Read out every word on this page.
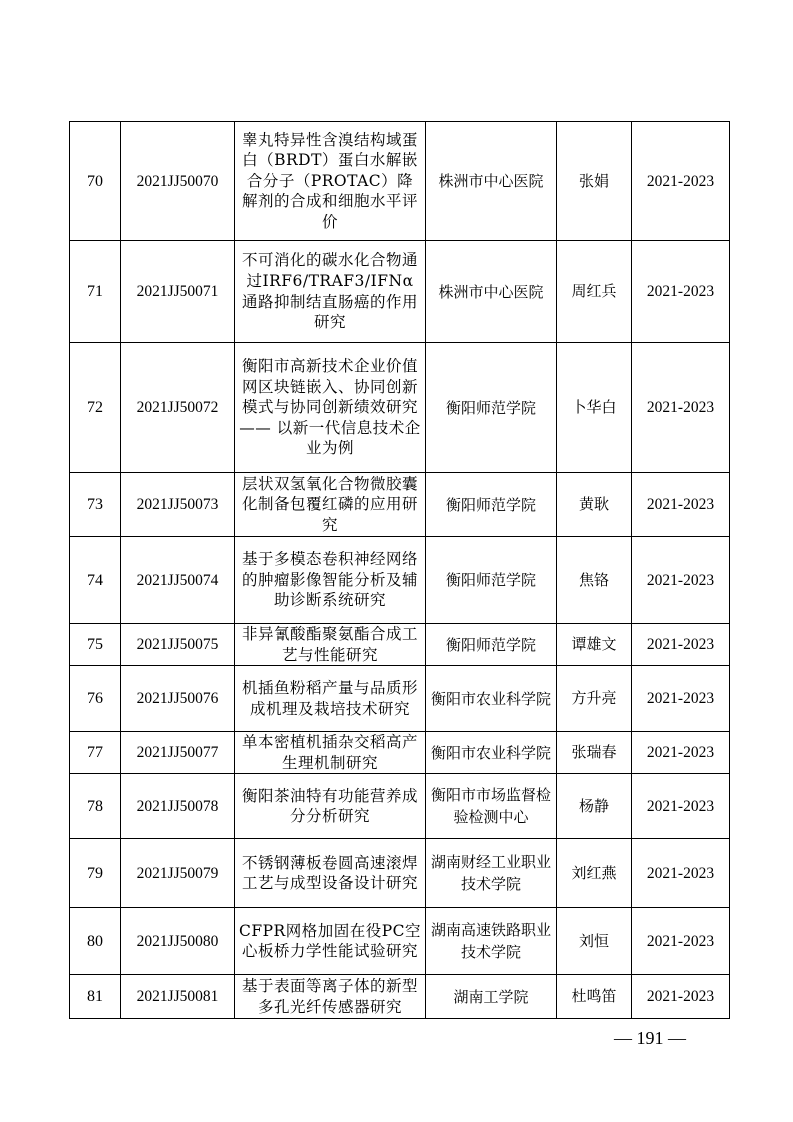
70	2021JJ50070	睾丸特异性含溴结构域蛋白（BRDT）蛋白水解嵌合分子（PROTAC）降解剂的合成和细胞水平评价	株洲市中心医院	张娟	2021-2023
71	2021JJ50071	不可消化的碳水化合物通过IRF6/TRAF3/IFNα通路抑制结直肠癌的作用研究	株洲市中心医院	周红兵	2021-2023
72	2021JJ50072	衡阳市高新技术企业价值网区块链嵌入、协同创新模式与协同创新绩效研究 —— 以新一代信息技术企业为例	衡阳师范学院	卜华白	2021-2023
73	2021JJ50073	层状双氢氧化合物微胶囊化制备包覆红磷的应用研究	衡阳师范学院	黄耿	2021-2023
74	2021JJ50074	基于多模态卷积神经网络的肿瘤影像智能分析及辅助诊断系统研究	衡阳师范学院	焦铬	2021-2023
75	2021JJ50075	非异氰酸酯聚氨酯合成工艺与性能研究	衡阳师范学院	谭雄文	2021-2023
76	2021JJ50076	机插鱼粉稻产量与品质形成机理及栽培技术研究	衡阳市农业科学院	方升亮	2021-2023
77	2021JJ50077	单本密植机插杂交稻高产生理机制研究	衡阳市农业科学院	张瑞春	2021-2023
78	2021JJ50078	衡阳茶油特有功能营养成分分析研究	衡阳市市场监督检验检测中心	杨静	2021-2023
79	2021JJ50079	不锈钢薄板卷圆高速滚焊工艺与成型设备设计研究	湖南财经工业职业技术学院	刘红燕	2021-2023
80	2021JJ50080	CFPR网格加固在役PC空心板桥力学性能试验研究	湖南高速铁路职业技术学院	刘恒	2021-2023
81	2021JJ50081	基于表面等离子体的新型多孔光纤传感器研究	湖南工学院	杜鸣笛	2021-2023
— 191 —
